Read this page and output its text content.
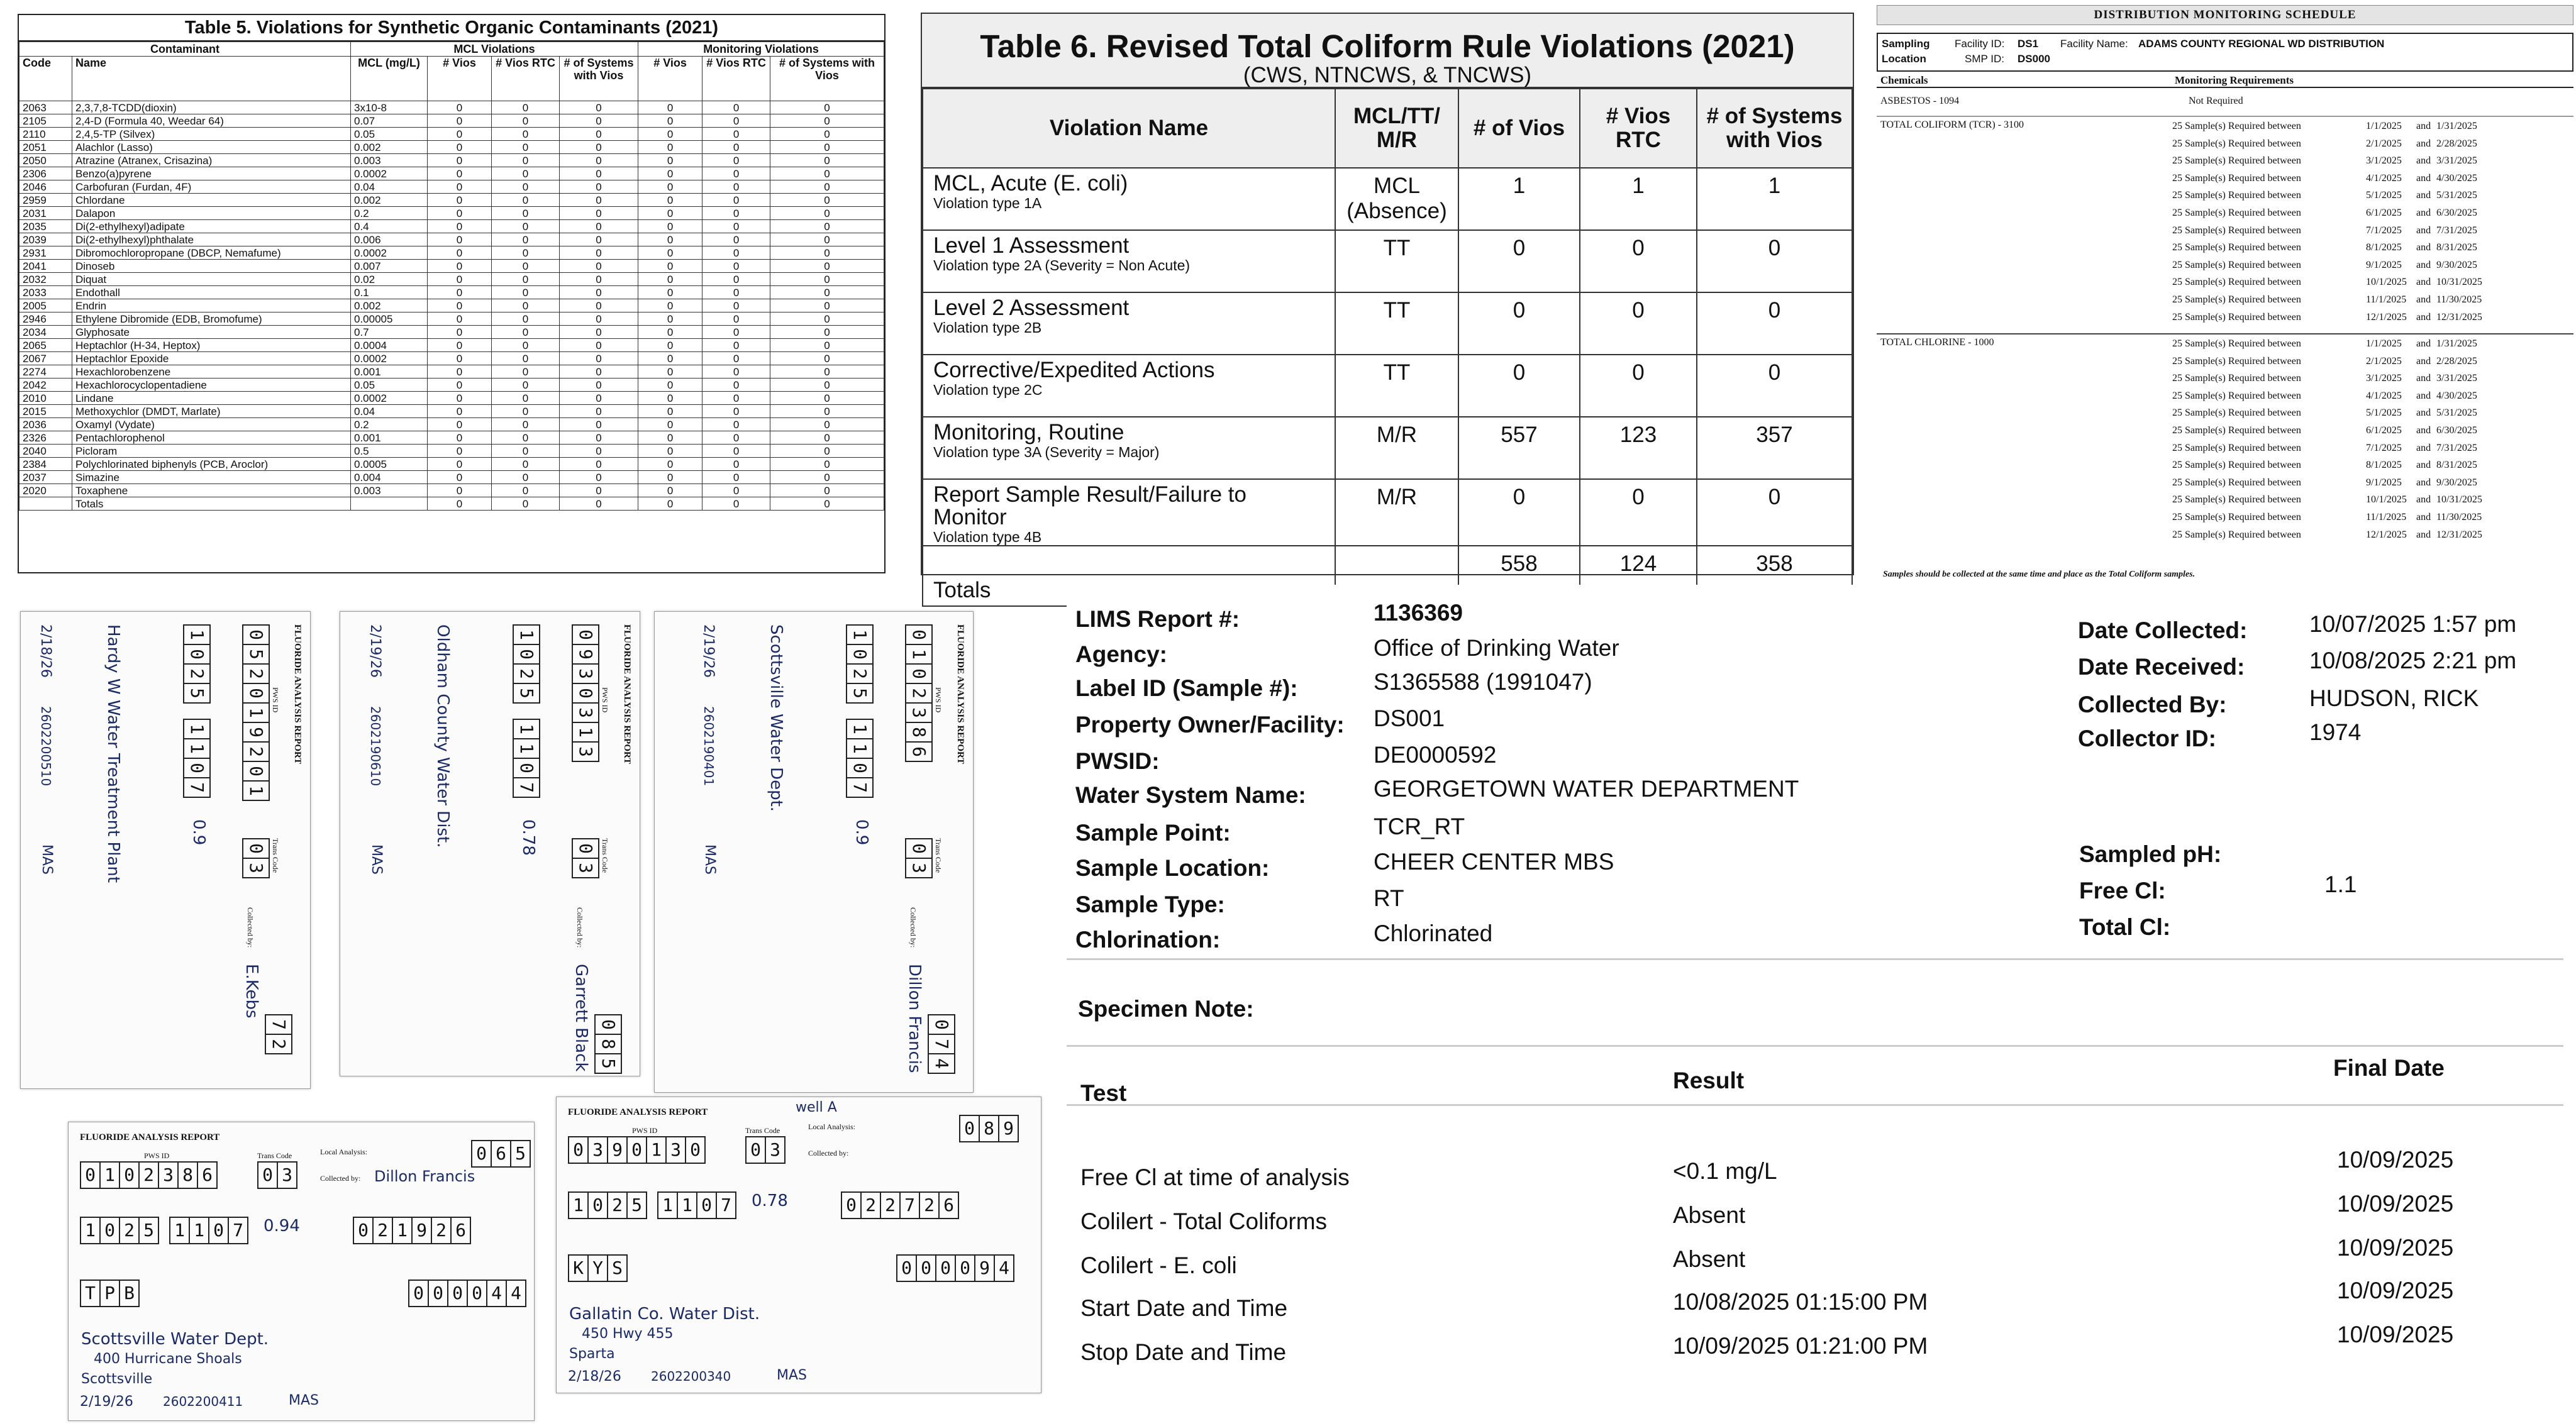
Table 5. Violations for Synthetic Organic Contaminants (2021)
Contaminant		MCL Violations				Monitoring Violations		
Code	Name	MCL (mg/L)	# Vios	# Vios RTC	# of Systems with Vios	# Vios	# Vios RTC	# of Systems with Vios
2063	2,3,7,8-TCDD(dioxin)	3x10-8	0	0	0	0	0	0
2105	2,4-D (Formula 40, Weedar 64)	0.07	0	0	0	0	0	0
2110	2,4,5-TP (Silvex)	0.05	0	0	0	0	0	0
2051	Alachlor (Lasso)	0.002	0	0	0	0	0	0
2050	Atrazine (Atranex, Crisazina)	0.003	0	0	0	0	0	0
2306	Benzo(a)pyrene	0.0002	0	0	0	0	0	0
2046	Carbofuran (Furdan, 4F)	0.04	0	0	0	0	0	0
2959	Chlordane	0.002	0	0	0	0	0	0
2031	Dalapon	0.2	0	0	0	0	0	0
2035	Di(2-ethylhexyl)adipate	0.4	0	0	0	0	0	0
2039	Di(2-ethylhexyl)phthalate	0.006	0	0	0	0	0	0
2931	Dibromochloropropane (DBCP, Nemafume)	0.0002	0	0	0	0	0	0
2041	Dinoseb	0.007	0	0	0	0	0	0
2032	Diquat	0.02	0	0	0	0	0	0
2033	Endothall	0.1	0	0	0	0	0	0
2005	Endrin	0.002	0	0	0	0	0	0
2946	Ethylene Dibromide (EDB, Bromofume)	0.00005	0	0	0	0	0	0
2034	Glyphosate	0.7	0	0	0	0	0	0
2065	Heptachlor (H-34, Heptox)	0.0004	0	0	0	0	0	0
2067	Heptachlor Epoxide	0.0002	0	0	0	0	0	0
2274	Hexachlorobenzene	0.001	0	0	0	0	0	0
2042	Hexachlorocyclopentadiene	0.05	0	0	0	0	0	0
2010	Lindane	0.0002	0	0	0	0	0	0
2015	Methoxychlor (DMDT, Marlate)	0.04	0	0	0	0	0	0
2036	Oxamyl (Vydate)	0.2	0	0	0	0	0	0
2326	Pentachlorophenol	0.001	0	0	0	0	0	0
2040	Picloram	0.5	0	0	0	0	0	0
2384	Polychlorinated biphenyls (PCB, Aroclor)	0.0005	0	0	0	0	0	0
2037	Simazine	0.004	0	0	0	0	0	0
2020	Toxaphene	0.003	0	0	0	0	0	0
	Totals		0	0	0	0	0	0
Table 6. Revised Total Coliform Rule Violations (2021)
(CWS, NTNCWS, & TNCWS)
Violation Name	MCL/TT/ M/R	# of Vios	# Vios RTC	# of Systems with Vios

MCL, Acute (E. coli)
Violation type 1A	MCL (Absence)	1	1	1

Level 1 Assessment
Violation type 2A (Severity = Non Acute)	TT	0	0	0

Level 2 Assessment
Violation type 2B	TT	0	0	0

Corrective/Expedited Actions
Violation type 2C	TT	0	0	0

Monitoring, Routine
Violation type 3A (Severity = Major)	M/R	557	123	357

Report Sample Result/Failure to Monitor
Violation type 4B	M/R	0	0	0
Totals		558	124	358
DISTRIBUTION MONITORING SCHEDULE
Sampling
Location
Facility ID: DS1 Facility Name: ADAMS COUNTY REGIONAL WD DISTRIBUTION
SMP ID: DS000
Chemicals	Monitoring Requirements
ASBESTOS - 1094	Not Required
TOTAL COLIFORM (TCR) - 3100	25 Sample(s) Required between	1/1/2025 and 1/31/2025
25 Sample(s) Required between	2/1/2025 and 2/28/2025
25 Sample(s) Required between	3/1/2025 and 3/31/2025
25 Sample(s) Required between	4/1/2025 and 4/30/2025
25 Sample(s) Required between	5/1/2025 and 5/31/2025
25 Sample(s) Required between	6/1/2025 and 6/30/2025
25 Sample(s) Required between	7/1/2025 and 7/31/2025
25 Sample(s) Required between	8/1/2025 and 8/31/2025
25 Sample(s) Required between	9/1/2025 and 9/30/2025
25 Sample(s) Required between	10/1/2025 and 10/31/2025
25 Sample(s) Required between	11/1/2025 and 11/30/2025
25 Sample(s) Required between	12/1/2025 and 12/31/2025
TOTAL CHLORINE - 1000	25 Sample(s) Required between	1/1/2025 and 1/31/2025
25 Sample(s) Required between	2/1/2025 and 2/28/2025
25 Sample(s) Required between	3/1/2025 and 3/31/2025
25 Sample(s) Required between	4/1/2025 and 4/30/2025
25 Sample(s) Required between	5/1/2025 and 5/31/2025
25 Sample(s) Required between	6/1/2025 and 6/30/2025
25 Sample(s) Required between	7/1/2025 and 7/31/2025
25 Sample(s) Required between	8/1/2025 and 8/31/2025
25 Sample(s) Required between	9/1/2025 and 9/30/2025
25 Sample(s) Required between	10/1/2025 and 10/31/2025
25 Sample(s) Required between	11/1/2025 and 11/30/2025
25 Sample(s) Required between	12/1/2025 and 12/31/2025
Samples should be collected at the same time and place as the Total Coliform samples.
FLUORIDE ANALYSIS REPORT
PWS ID
Trans Code
Collected by:
E.Kebs
0
5
2
0
1
9
2
0
1
0
3
7
2
1
0
2
5
1
1
0
7
0.9
Hardy W Water Treatment Plant
2/18/26
2602200510
MAS
FLUORIDE ANALYSIS REPORT
PWS ID
Trans Code
Collected by:
Garrett Black
0
9
3
0
3
1
3
0
3
0
8
5
1
0
2
5
1
1
0
7
0.78
Oldham County Water Dist.
2/19/26
2602190610
MAS
FLUORIDE ANALYSIS REPORT
PWS ID
Trans Code
Collected by:
Dillon Francis
0
1
0
2
3
8
6
0
3
0
7
4
1
0
2
5
1
1
0
7
0.9
Scottsville Water Dept.
2/19/26
2602190401
MAS
FLUORIDE ANALYSIS REPORT
PWS ID	Trans Code	Local Analysis:
Collected by: Dillon Francis
0 1 0 2 3 8 6	0 3
0 6 5
1 0 2 5 1 1 0 7	0.94	0 2 1 9 2 6
T P B	0 0 0 0 4 4
Scottsville Water Dept.
400 Hurricane Shoals
Scottsville
2/19/26 2602200411	MAS
FLUORIDE ANALYSIS REPORT
PWS ID	Trans Code	Local Analysis:
Collected by:
0 3 9 0 1 3 0	0 3
0 8 9
1 0 2 5 1 1 0 7	0.78	0 2 2 7 2 6
K Y S	0 0 0 0 9 4
Gallatin Co. Water Dist.
450 Hwy 455
Sparta
2/18/26 2602200340	MAS
well A
LIMS Report #:	1136369
Agency:	Office of Drinking Water
Label ID (Sample #):	S1365588 (1991047)
Property Owner/Facility: DS001
PWSID:	DE0000592
Water System Name:	GEORGETOWN WATER DEPARTMENT
Sample Point:	TCR_RT
Sample Location:	CHEER CENTER MBS
Sample Type:	RT
Chlorination:	Chlorinated
Date Collected:	10/07/2025 1:57 pm
Date Received:	10/08/2025 2:21 pm
Collected By:	HUDSON, RICK
Collector ID:	1974
Sampled pH:
Free Cl:	1.1
Total Cl:
Specimen Note:
Test	Result	Final Date
Free Cl at time of analysis	<0.1 mg/L	10/09/2025
Colilert - Total Coliforms	Absent	10/09/2025
Colilert - E. coli	Absent	10/09/2025
Start Date and Time	10/08/2025 01:15:00 PM	10/09/2025
Stop Date and Time	10/09/2025 01:21:00 PM	10/09/2025
